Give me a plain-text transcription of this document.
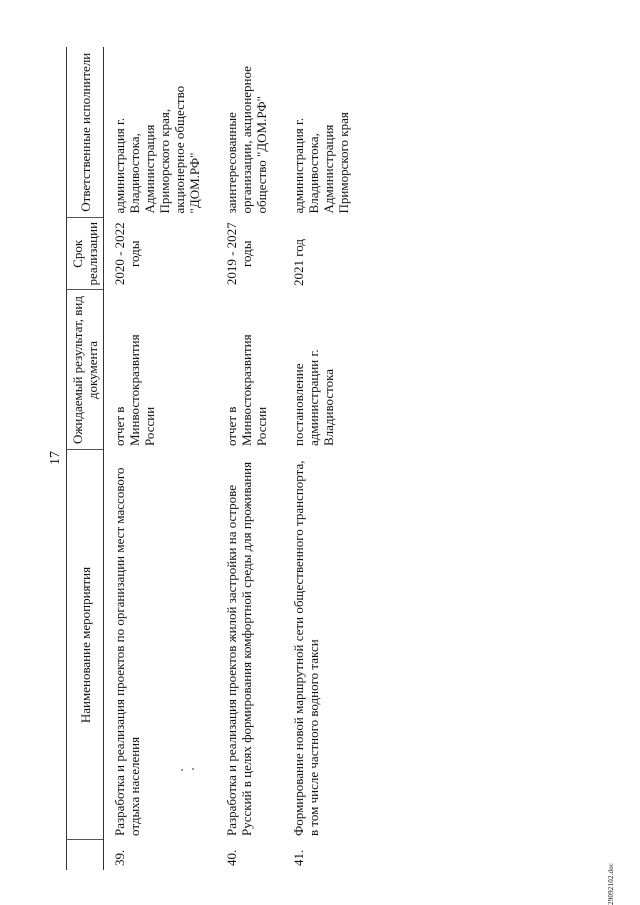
17
	Наименование мероприятия	Ожидаемый результат, вид документа	Срок реализации	Ответственные исполнители
39.	Разработка и реализация проектов по организации мест массового отдыха населения	отчет в Минвостокразвития России	2020 - 2022 годы	администрация г. Владивостока, Администрация Приморского края, акционерное общество "ДОМ.РФ"
40.	Разработка и реализация проектов жилой застройки на острове Русский в целях формирования комфортной среды для проживания	отчет в Минвостокразвития России	2019 - 2027 годы	заинтересованные организации, акционерное общество "ДОМ.РФ"
41.	Формирование новой маршрутной сети общественного транспорта, в том числе частного водного такси	постановление администрации г. Владивостока	2021 год	администрация г. Владивостока, Администрация Приморского края
29092102.doc
